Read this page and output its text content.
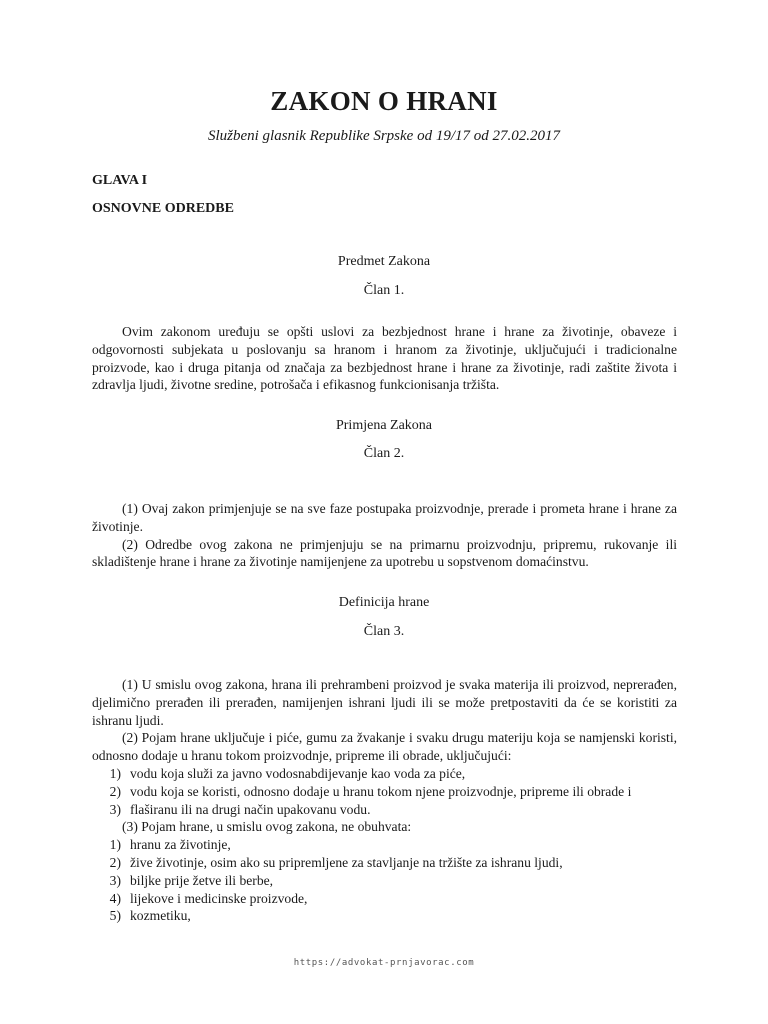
ZAKON O HRANI
Službeni glasnik Republike Srpske od 19/17 od 27.02.2017
GLAVA I
OSNOVNE ODREDBE
Predmet Zakona
Član 1.

Ovim zakonom uređuju se opšti uslovi za bezbjednost hrane i hrane za životinje, obaveze i odgovornosti subjekata u poslovanju sa hranom i hranom za životinje, uključujući i tradicionalne proizvode, kao i druga pitanja od značaja za bezbjednost hrane i hrane za životinje, radi zaštite života i zdravlja ljudi, životne sredine, potrošača i efikasnog funkcionisanja tržišta.

Primjena Zakona
Član 2.

(1) Ovaj zakon primjenjuje se na sve faze postupaka proizvodnje, prerade i prometa hrane i hrane za životinje.

(2) Odredbe ovog zakona ne primjenjuju se na primarnu proizvodnju, pripremu, rukovanje ili skladištenje hrane i hrane za životinje namijenjene za upotrebu u sopstvenom domaćinstvu.

Definicija hrane
Član 3.

(1) U smislu ovog zakona, hrana ili prehrambeni proizvod je svaka materija ili proizvod, neprerađen, djelimično prerađen ili prerađen, namijenjen ishrani ljudi ili se može pretpostaviti da će se koristiti za ishranu ljudi.

(2) Pojam hrane uključuje i piće, gumu za žvakanje i svaku drugu materiju koja se namjenski koristi, odnosno dodaje u hranu tokom proizvodnje, pripreme ili obrade, uključujući:

1) vodu koja služi za javno vodosnabdijevanje kao voda za piće,
2) vodu koja se koristi, odnosno dodaje u hranu tokom njene proizvodnje, pripreme ili obrade i
3) flaširanu ili na drugi način upakovanu vodu.

(3) Pojam hrane, u smislu ovog zakona, ne obuhvata:

1) hranu za životinje,
2) žive životinje, osim ako su pripremljene za stavljanje na tržište za ishranu ljudi,
3) biljke prije žetve ili berbe,
4) lijekove i medicinske proizvode,
5) kozmetiku,
https://advokat-prnjavorac.com
